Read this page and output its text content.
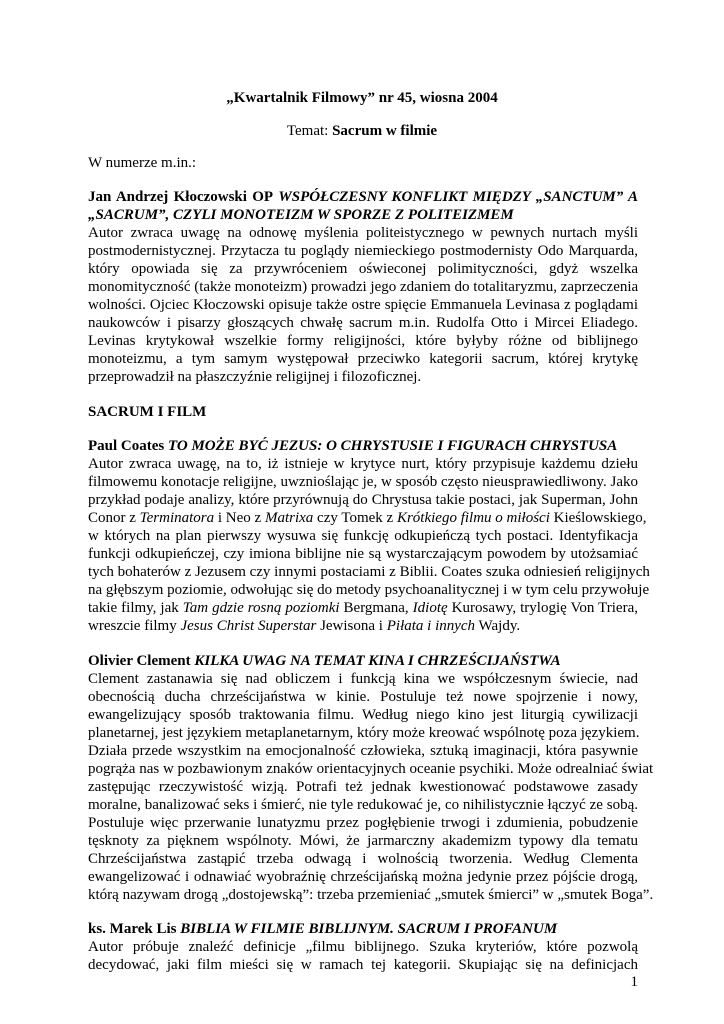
„Kwartalnik Filmowy” nr 45, wiosna 2004
Temat: Sacrum w filmie
W numerze m.in.:
Jan Andrzej Kłoczowski OP WSPÓŁCZESNY KONFLIKT MIĘDZY „SANCTUM” A
„SACRUM”, CZYLI MONOTEIZM W SPORZE Z POLITEIZMEM
Autor zwraca uwagę na odnowę myślenia politeistycznego w pewnych nurtach myśli
postmodernistycznej. Przytacza tu poglądy niemieckiego postmodernisty Odo Marquarda,
który opowiada się za przywróceniem oświeconej polimityczności, gdyż wszelka
monomityczność (także monoteizm) prowadzi jego zdaniem do totalitaryzmu, zaprzeczenia
wolności. Ojciec Kłoczowski opisuje także ostre spięcie Emmanuela Levinasa z poglądami
naukowców i pisarzy głoszących chwałę sacrum m.in. Rudolfa Otto i Mircei Eliadego.
Levinas krytykował wszelkie formy religijności, które byłyby różne od biblijnego
monoteizmu, a tym samym występował przeciwko kategorii sacrum, której krytykę
przeprowadził na płaszczyźnie religijnej i filozoficznej.
SACRUM I FILM
Paul Coates TO MOŻE BYĆ JEZUS: O CHRYSTUSIE I FIGURACH CHRYSTUSA
Autor zwraca uwagę, na to, iż istnieje w krytyce nurt, który przypisuje każdemu dziełu
filmowemu konotacje religijne, uwznioślając je, w sposób często nieusprawiedliwony. Jako
przykład podaje analizy, które przyrównują do Chrystusa takie postaci, jak Superman, John
Conor z Terminatora i Neo z Matrixa czy Tomek z Krótkiego filmu o miłości Kieślowskiego,
w których na plan pierwszy wysuwa się funkcję odkupieńczą tych postaci. Identyfikacja
funkcji odkupieńczej, czy imiona biblijne nie są wystarczającym powodem by utożsamiać
tych bohaterów z Jezusem czy innymi postaciami z Biblii. Coates szuka odniesień religijnych
na głębszym poziomie, odwołując się do metody psychoanalitycznej i w tym celu przywołuje
takie filmy, jak Tam gdzie rosną poziomki Bergmana, Idiotę Kurosawy, trylogię Von Triera,
wreszcie filmy Jesus Christ Superstar Jewisona i Piłata i innych Wajdy.
Olivier Clement KILKA UWAG NA TEMAT KINA I CHRZEŚCIJAŃSTWA
Clement zastanawia się nad obliczem i funkcją kina we współczesnym świecie, nad
obecnością ducha chrześcijaństwa w kinie. Postuluje też nowe spojrzenie i nowy,
ewangelizujący sposób traktowania filmu. Według niego kino jest liturgią cywilizacji
planetarnej, jest językiem metaplanetarnym, który może kreować wspólnotę poza językiem.
Działa przede wszystkim na emocjonalność człowieka, sztuką imaginacji, która pasywnie
pogrąża nas w pozbawionym znaków orientacyjnych oceanie psychiki. Może odrealniać świat
zastępując rzeczywistość wizją. Potrafi też jednak kwestionować podstawowe zasady
moralne, banalizować seks i śmierć, nie tyle redukować je, co nihilistycznie łączyć ze sobą.
Postuluje więc przerwanie lunatyzmu przez pogłębienie trwogi i zdumienia, pobudzenie
tęsknoty za pięknem wspólnoty. Mówi, że jarmarczny akademizm typowy dla tematu
Chrześcijaństwa zastąpić trzeba odwagą i wolnością tworzenia. Według Clementa
ewangelizować i odnawiać wyobraźnię chrześcijańską można jedynie przez pójście drogą,
którą nazywam drogą „dostojewską”: trzeba przemieniać „smutek śmierci” w „smutek Boga”.
ks. Marek Lis BIBLIA W FILMIE BIBLIJNYM. SACRUM I PROFANUM
Autor próbuje znaleźć definicje „filmu biblijnego. Szuka kryteriów, które pozwolą
decydować, jaki film mieści się w ramach tej kategorii. Skupiając się na definicjach
1
